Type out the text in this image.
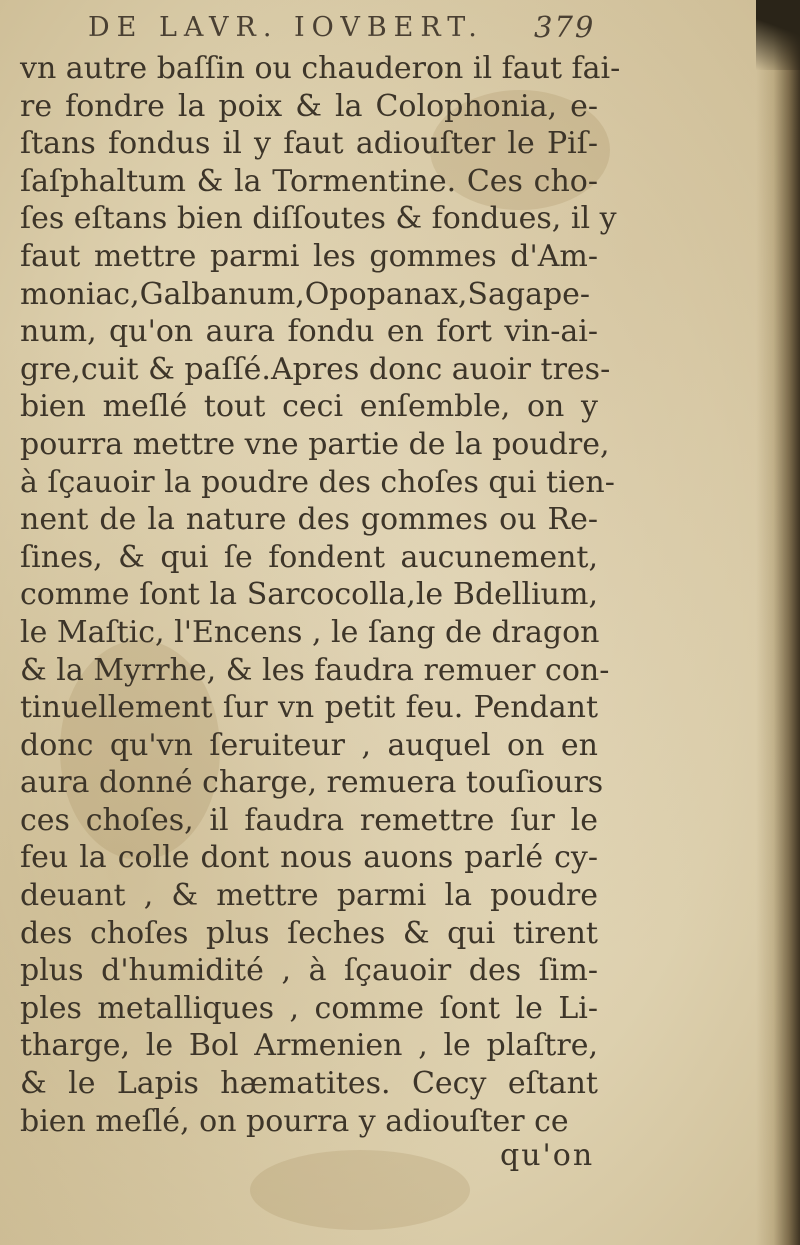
DE LAVR. IOVBERT. 379
vn autre baſſin ou chauderon il faut fai-
re fondre la poix & la Colophonia, e-
ſtans fondus il y faut adiouſter le Piſ-
ſaſphaltum & la Tormentine. Ces cho-
ſes eſtans bien diſſoutes & fondues, il y
faut mettre parmi les gommes d'Am-
moniac,Galbanum,Opopanax,Sagape-
num, qu'on aura fondu en fort vin-ai-
gre,cuit & paſſé.Apres donc auoir tres-
bien meſlé tout ceci enſemble, on y
pourra mettre vne partie de la poudre,
à ſçauoir la poudre des choſes qui tien-
nent de la nature des gommes ou Re-
ſines, & qui ſe fondent aucunement,
comme ſont la Sarcocolla,le Bdellium,
le Maſtic, l'Encens , le ſang de dragon
& la Myrrhe, & les faudra remuer con-
tinuellement ſur vn petit feu. Pendant
donc qu'vn ſeruiteur , auquel on en
aura donné charge, remuera touſiours
ces choſes, il faudra remettre ſur le
feu la colle dont nous auons parlé cy-
deuant , & mettre parmi la poudre
des choſes plus ſeches & qui tirent
plus d'humidité , à ſçauoir des ſim-
ples metalliques , comme ſont le Li-
tharge, le Bol Armenien , le plaſtre,
& le Lapis hæmatites. Cecy eſtant
bien meſlé, on pourra y adiouſter ce
qu'on
